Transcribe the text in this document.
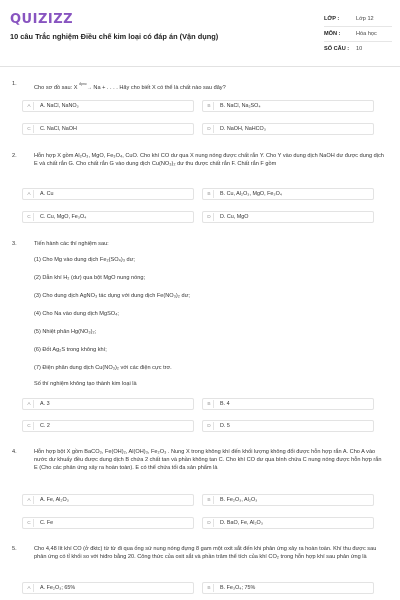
QUIZIZZ
10 câu Trắc nghiệm Điều chế kim loại có đáp án (Vận dụng)
LỚP :	Lớp 12
MÔN :	Hóa học
SỐ CÂU :	10
1.
Cho sơ đồ sau: X $^{đpnc}$→ Na + . . . . Hãy cho biết X có thể là chất nào sau đây?
A	A. NaCl, NaNO₃	B	B. NaCl, Na₂SO₄
C	C. NaCl, NaOH	D	D. NaOH, NaHCO₃
2.	Hỗn hợp X gồm Al₂O₃, MgO, Fe₃O₄, CuO. Cho khí CO dư qua X nung nóng được chất rắn Y. Cho Y vào dung dịch NaOH dư được dung dịch E và chất rắn G. Cho chất rắn G vào dung dịch Cu(NO₃)₂ dư thu được chất rắn F. Chất rắn F gồm
A	A. Cu	B	B. Cu, Al₂O₃, MgO, Fe₃O₄
C	C. Cu, MgO, Fe₃O₄	D	D. Cu, MgO
3.	Tiến hành các thí nghiệm sau:
(1) Cho Mg vào dung dịch Fe₂(SO₄)₃ dư;
(2) Dẫn khí H₂ (dư) qua bột MgO nung nóng;
(3) Cho dung dịch AgNO₃ tác dụng với dung dịch Fe(NO₃)₂ dư;
(4) Cho Na vào dung dịch MgSO₄;
(5) Nhiệt phân Hg(NO₃)₂;
(6) Đốt Ag₂S trong không khí;
(7) Điện phân dung dịch Cu(NO₃)₂ với các điện cực trơ.
Số thí nghiệm không tạo thành kim loại là
A	A. 3	B	B. 4
C	C. 2	D	D. 5
4.	Hỗn hợp bột X gồm BaCO₃, Fe(OH)₂, Al(OH)₃, Fe₂O₃ . Nung X trong không khí đến khối lượng không đổi được hỗn hợp rắn A. Cho A vào nước dư khuấy đều được dung dịch B chứa 2 chất tan và phần không tan C. Cho khí CO dư qua bình chứa C nung nóng được hỗn hợp rắn E (Cho các phản ứng xảy ra hoàn toàn). E có thể chứa tối đa sản phẩm là
A	A. Fe, Al₂O₃	B	B. Fe₂O₃, Al₂O₃
C	C. Fe	D	D. BaO, Fe, Al₂O₃
5.	Cho 4,48 lít khí CO (ở đktc) từ từ đi qua ống sứ nung nóng đựng 8 gam một oxit sắt đến khi phản ứng xảy ra hoàn toàn. Khí thu được sau phản ứng có tỉ khối so với hiđro bằng 20. Công thức của oxit sắt và phần trăm thể tích của khí CO₂ trong hỗn hợp khí sau phản ứng là
A	A. Fe₂O₃; 65%	B	B. Fe₃O₄; 75%
